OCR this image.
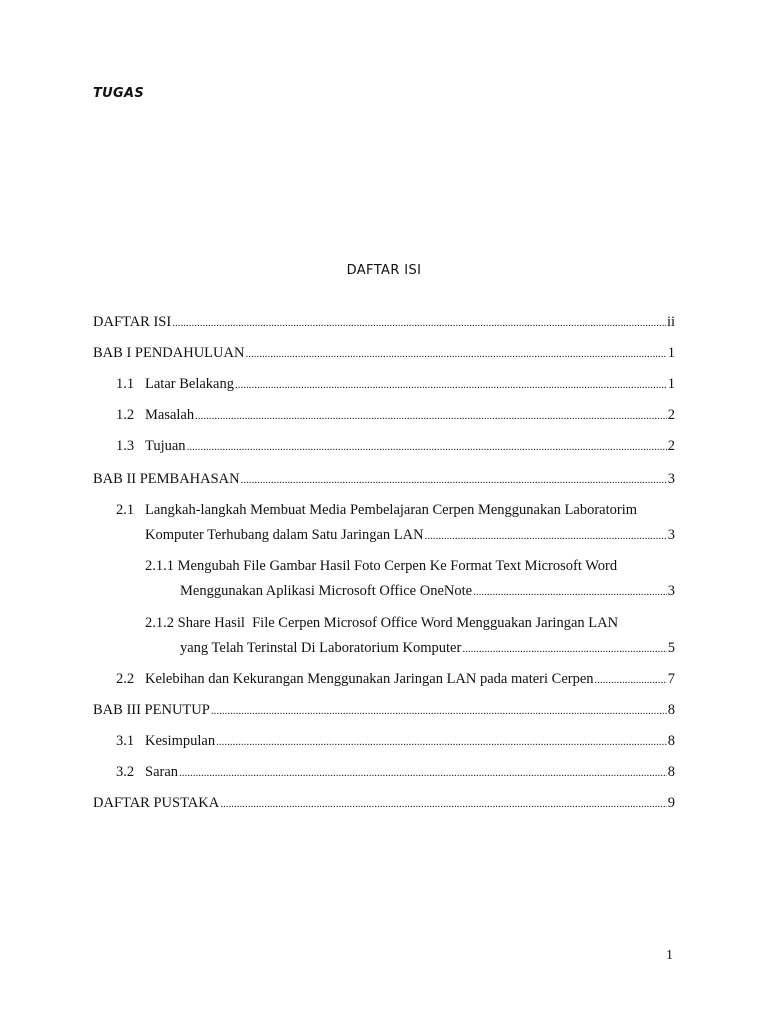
TUGAS
DAFTAR ISI
DAFTAR ISI .....	ii
BAB I PENDAHULUAN .....	1
1.1 Latar Belakang .....	1
1.2 Masalah .....	2
1.3 Tujuan .....	2
BAB II PEMBAHASAN .....	3
2.1 Langkah-langkah Membuat Media Pembelajaran Cerpen Menggunakan Laboratorim
Komputer Terhubang dalam Satu Jaringan LAN .....	3
2.1.1 Mengubah File Gambar Hasil Foto Cerpen Ke Format Text Microsoft Word
Menggunakan Aplikasi Microsoft Office OneNote .....	3
2.1.2 Share Hasil  File Cerpen Microsof Office Word Mengguakan Jaringan LAN
yang Telah Terinstal Di Laboratorium Komputer .....	5
2.2 Kelebihan dan Kekurangan Menggunakan Jaringan LAN pada materi Cerpen .....	7
BAB III PENUTUP .....	8
3.1 Kesimpulan .....	8
3.2 Saran .....	8
DAFTAR PUSTAKA .....	9
1
